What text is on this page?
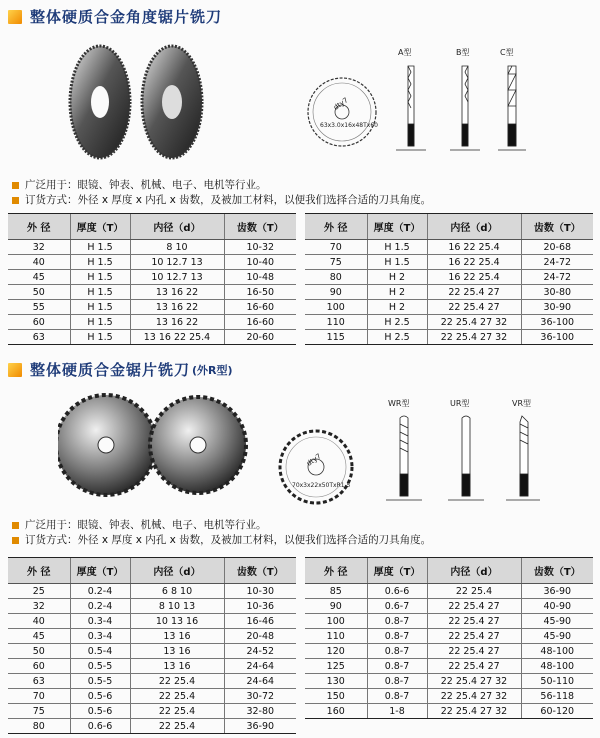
整体硬质合金角度锯片铣刀
dty7
63x3.0x16x48Tx60
A型	B型	C型
广泛用于：眼镜、钟表、机械、电子、电机等行业。
订货方式：外径 x 厚度 x 内孔 x 齿数，及被加工材料，以便我们选择合适的刀具角度。
外 径	厚度（T）	内径（d）	齿数（T）
32	H 1.5	8 10	10-32
40	H 1.5	10 12.7 13	10-40
45	H 1.5	10 12.7 13	10-48
50	H 1.5	13 16 22	16-50
55	H 1.5	13 16 22	16-60
60	H 1.5	13 16 22	16-60
63	H 1.5	13 16 22 25.4	20-60
外 径	厚度（T）	内径（d）	齿数（T）
70	H 1.5	16 22 25.4	20-68
75	H 1.5	16 22 25.4	24-72
80	H 2	16 22 25.4	24-72
90	H 2	22 25.4 27	30-80
100	H 2	22 25.4 27	30-90
110	H 2.5	22 25.4 27 32	36-100
115	H 2.5	22 25.4 27 32	36-100
整体硬质合金锯片铣刀 (外R型)
dty7
70x3x22x50TxR1.5
WR型	UR型	VR型
广泛用于：眼镜、钟表、机械、电子、电机等行业。
订货方式：外径 x 厚度 x 内孔 x 齿数，及被加工材料，以便我们选择合适的刀具角度。
外 径	厚度（T）	内径（d）	齿数（T）
25	0.2-4	6 8 10	10-30
32	0.2-4	8 10 13	10-36
40	0.3-4	10 13 16	16-46
45	0.3-4	13 16	20-48
50	0.5-4	13 16	24-52
60	0.5-5	13 16	24-64
63	0.5-5	22 25.4	24-64
70	0.5-6	22 25.4	30-72
75	0.5-6	22 25.4	32-80
80	0.6-6	22 25.4	36-90
外 径	厚度（T）	内径（d）	齿数（T）
85	0.6-6	22 25.4	36-90
90	0.6-7	22 25.4 27	40-90
100	0.8-7	22 25.4 27	45-90
110	0.8-7	22 25.4 27	45-90
120	0.8-7	22 25.4 27	48-100
125	0.8-7	22 25.4 27	48-100
130	0.8-7	22 25.4 27 32	50-110
150	0.8-7	22 25.4 27 32	56-118
160	1-8	22 25.4 27 32	60-120
